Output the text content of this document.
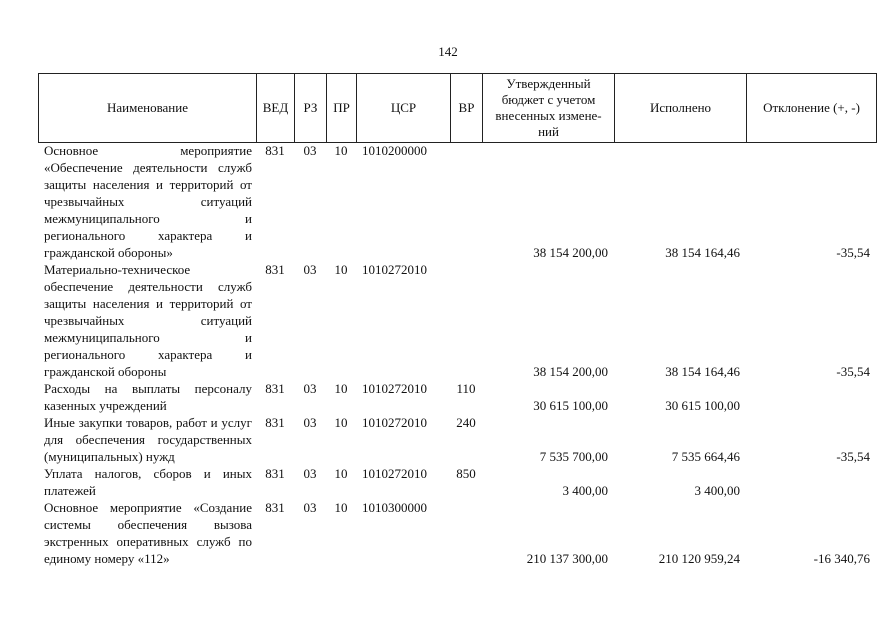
142
Наименование	ВЕД	РЗ	ПР	ЦСР	ВР	Утвержденный бюджет с учетом внесенных измене-ний	Исполнено	Отклонение (+, -)
Основное мероприятие «Обеспечение деятельности служб защиты населения и территорий от чрезвычайных ситуаций межмуниципального и регионального характера и гражданской обороны»	831	03	10	1010200000		38 154 200,00	38 154 164,46	-35,54
Материально-техническое обеспечение деятельности служб защиты населения и территорий от чрезвычайных ситуаций межмуниципального и регионального характера и гражданской обороны	831	03	10	1010272010		38 154 200,00	38 154 164,46	-35,54
Расходы на выплаты персоналу казенных учреждений	831	03	10	1010272010	110	30 615 100,00	30 615 100,00	
Иные закупки товаров, работ и услуг для обеспечения государственных (муниципальных) нужд	831	03	10	1010272010	240	7 535 700,00	7 535 664,46	-35,54
Уплата налогов, сборов и иных платежей	831	03	10	1010272010	850	3 400,00	3 400,00	
Основное мероприятие «Создание системы обеспечения вызова экстренных оперативных служб по единому номеру «112»	831	03	10	1010300000		210 137 300,00	210 120 959,24	-16 340,76
